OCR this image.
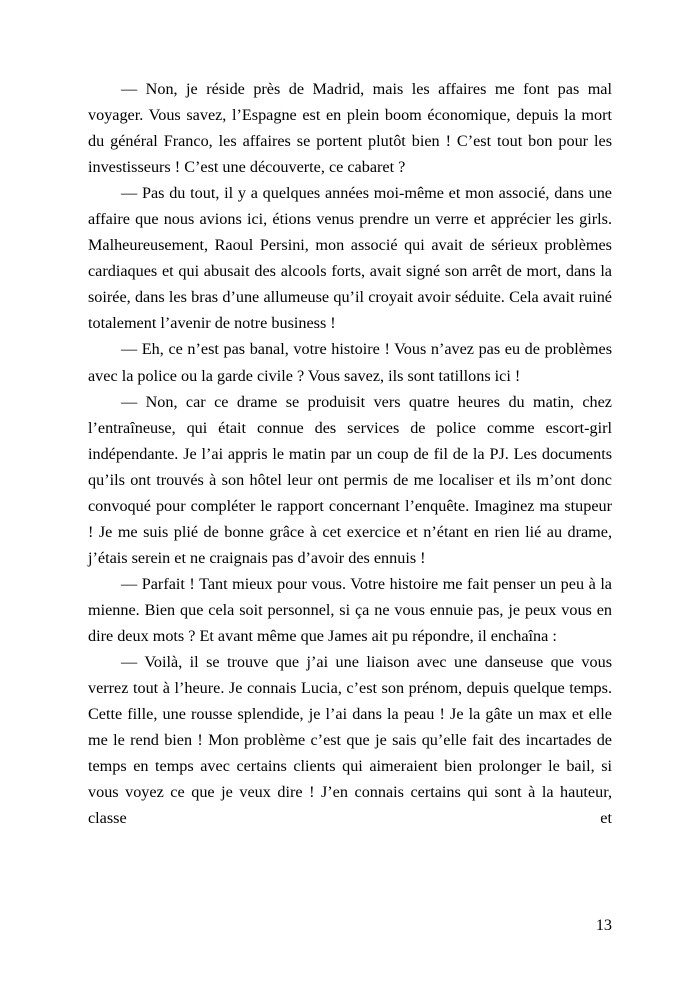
— Non, je réside près de Madrid, mais les affaires me font pas mal voyager. Vous savez, l’Espagne est en plein boom économique, depuis la mort du général Franco, les affaires se portent plutôt bien ! C’est tout bon pour les investisseurs ! C’est une découverte, ce cabaret ?

— Pas du tout, il y a quelques années moi-même et mon associé, dans une affaire que nous avions ici, étions venus prendre un verre et apprécier les girls. Malheureusement, Raoul Persini, mon associé qui avait de sérieux problèmes cardiaques et qui abusait des alcools forts, avait signé son arrêt de mort, dans la soirée, dans les bras d’une allumeuse qu’il croyait avoir séduite. Cela avait ruiné totalement l’avenir de notre business !

— Eh, ce n’est pas banal, votre histoire ! Vous n’avez pas eu de problèmes avec la police ou la garde civile ? Vous savez, ils sont tatillons ici !

— Non, car ce drame se produisit vers quatre heures du matin, chez l’entraîneuse, qui était connue des services de police comme escort-girl indépendante. Je l’ai appris le matin par un coup de fil de la PJ. Les documents qu’ils ont trouvés à son hôtel leur ont permis de me localiser et ils m’ont donc convoqué pour compléter le rapport concernant l’enquête. Imaginez ma stupeur ! Je me suis plié de bonne grâce à cet exercice et n’étant en rien lié au drame, j’étais serein et ne craignais pas d’avoir des ennuis !

— Parfait ! Tant mieux pour vous. Votre histoire me fait penser un peu à la mienne. Bien que cela soit personnel, si ça ne vous ennuie pas, je peux vous en dire deux mots ? Et avant même que James ait pu répondre, il enchaîna :

— Voilà, il se trouve que j’ai une liaison avec une danseuse que vous verrez tout à l’heure. Je connais Lucia, c’est son prénom, depuis quelque temps. Cette fille, une rousse splendide, je l’ai dans la peau ! Je la gâte un max et elle me le rend bien ! Mon problème c’est que je sais qu’elle fait des incartades de temps en temps avec certains clients qui aimeraient bien prolonger le bail, si vous voyez ce que je veux dire ! J’en connais certains qui sont à la hauteur, classe et

13
